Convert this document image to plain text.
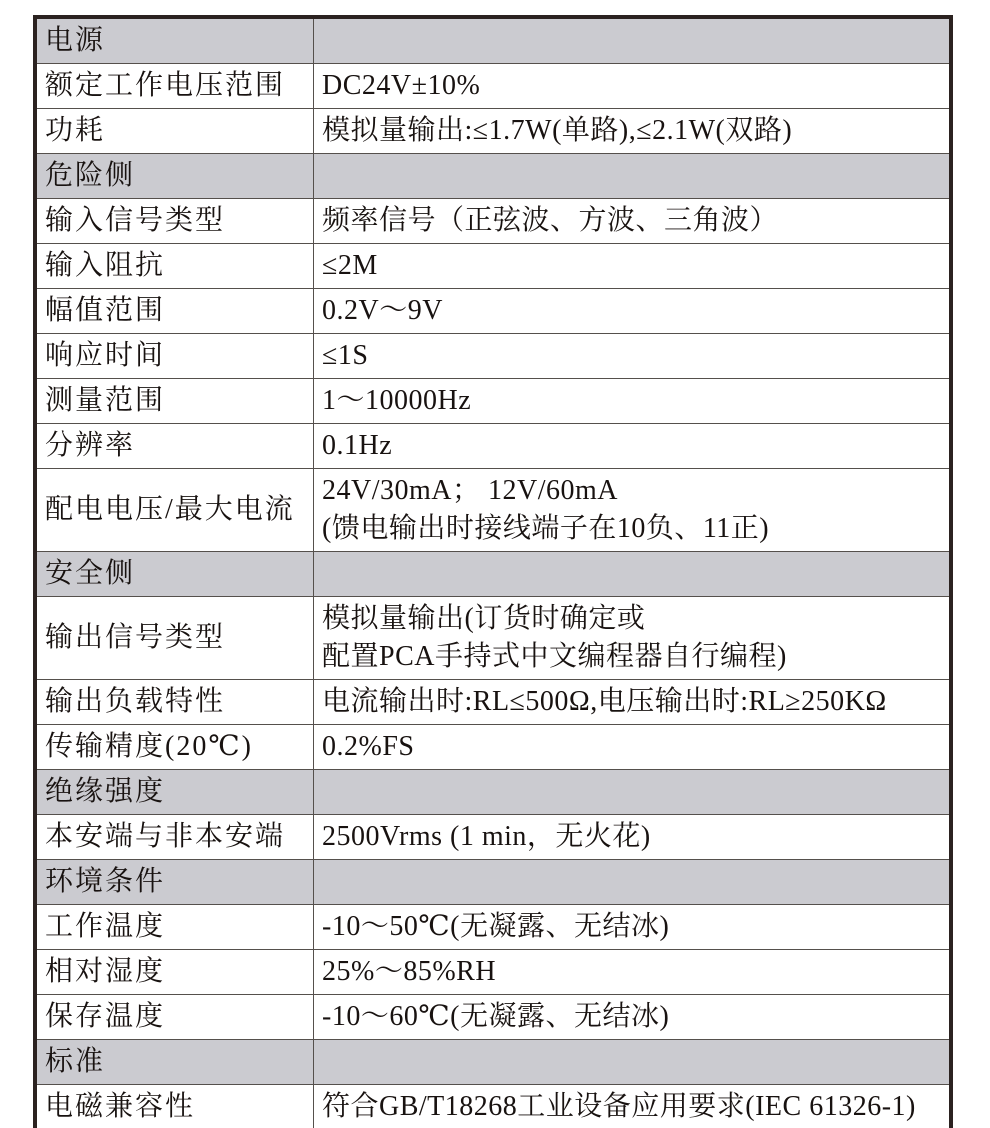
电源	
额定工作电压范围	DC24V±10%

功耗	模拟量输出:≤1.7W(单路),≤2.1W(双路)

危险侧	
输入信号类型	频率信号（正弦波、方波、三角波）

输入阻抗	≤2M

幅值范围	0.2V～9V

响应时间	≤1S

测量范围	1～10000Hz

分辨率	0.1Hz

配电电压/最大电流	24V/30mA； 12V/60mA
(馈电输出时接线端子在10负、11正)

安全侧	
输出信号类型	模拟量输出(订货时确定或
配置PCA手持式中文编程器自行编程)

输出负载特性	电流输出时:RL≤500Ω,电压输出时:RL≥250KΩ

传输精度(20℃)	0.2%FS

绝缘强度	
本安端与非本安端	2500Vrms (1 min，无火花)

环境条件	
工作温度	-10～50℃(无凝露、无结冰)

相对湿度	25%～85%RH

保存温度	-10～60℃(无凝露、无结冰)

标准	
电磁兼容性	符合GB/T18268工业设备应用要求(IEC 61326-1)
